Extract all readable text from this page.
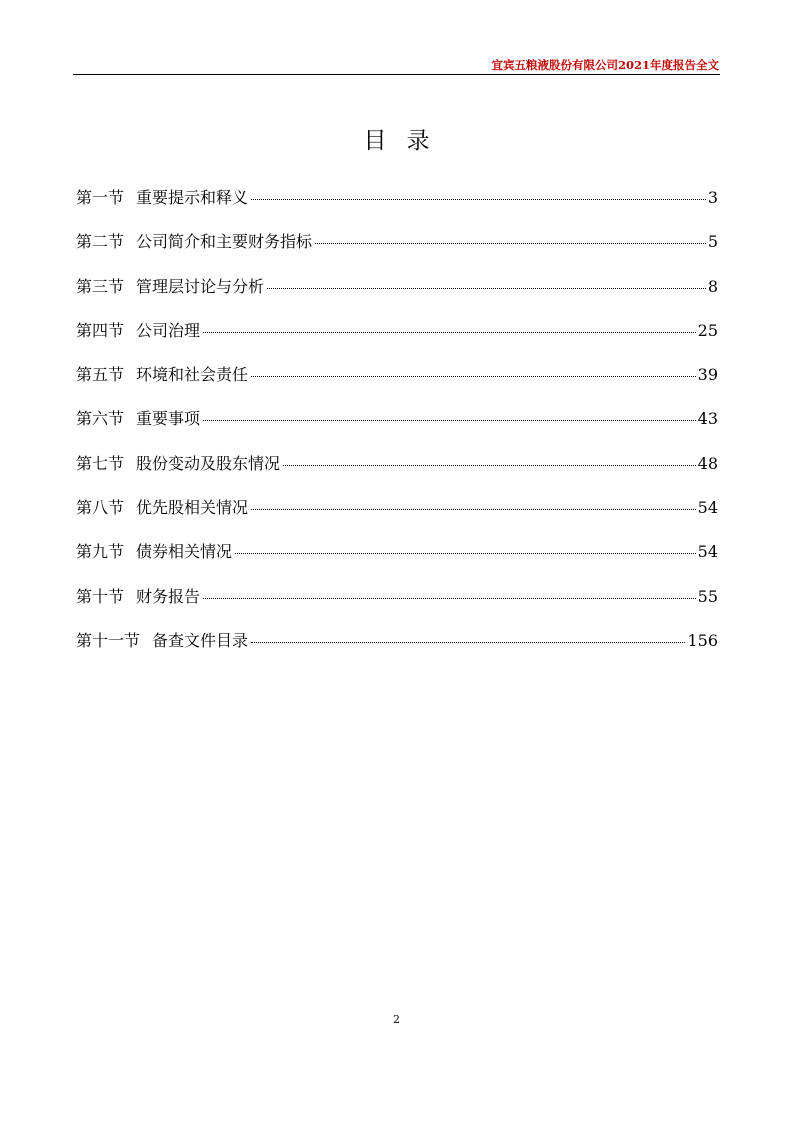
宜宾五粮液股份有限公司2021年度报告全文
目录
第一节 重要提示和释义	3
第二节 公司简介和主要财务指标	5
第三节 管理层讨论与分析	8
第四节 公司治理	25
第五节 环境和社会责任	39
第六节 重要事项	43
第七节 股份变动及股东情况	48
第八节 优先股相关情况	54
第九节 债券相关情况	54
第十节 财务报告	55
第十一节 备查文件目录	156
2
